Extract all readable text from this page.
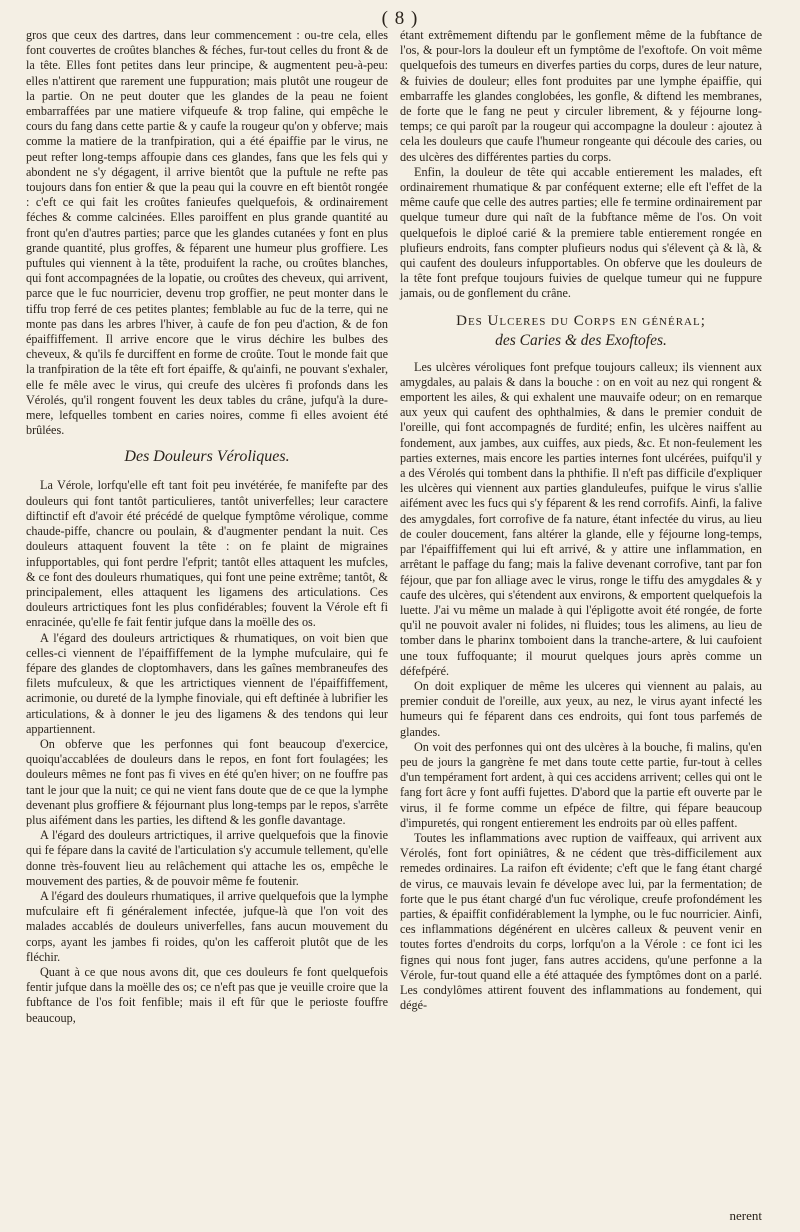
( 8 )

gros que ceux des dartres, dans leur commencement : ou-tre cela, elles font couvertes de croûtes blanches & féches, fur-tout celles du front & de la tête. Elles font petites dans leur principe, & augmentent peu-à-peu: elles n'attirent que rarement une fuppuration; mais plutôt une rougeur de la partie. On ne peut douter que les glandes de la peau ne foient embarraffées par une matiere vifqueufe & trop faline, qui empêche le cours du fang dans cette partie & y caufe la rougeur qu'on y obferve; mais comme la matiere de la tranfpiration, qui a été épaiffie par le virus, ne peut refter long-temps affoupie dans ces glandes, fans que les fels qui y abondent ne s'y dégagent, il arrive bientôt que la puftule ne refte pas toujours dans fon entier & que la peau qui la couvre en eft bientôt rongée : c'eft ce qui fait les croûtes fanieufes quelquefois, & ordinairement féches & comme calcinées. Elles paroiffent en plus grande quantité au front qu'en d'autres parties; parce que les glandes cutanées y font en plus grande quantité, plus groffes, & féparent une humeur plus groffiere. Les puftules qui viennent à la tête, produifent la rache, ou croûtes blanches, qui font accompagnées de la lopatie, ou croûtes des cheveux, qui arrivent, parce que le fuc nourricier, devenu trop groffier, ne peut monter dans le tiffu trop ferré de ces petites plantes; femblable au fuc de la terre, qui ne monte pas dans les arbres l'hiver, à caufe de fon peu d'action, & de fon épaiffiffement. Il arrive encore que le virus déchire les bulbes des cheveux, & qu'ils fe durciffent en forme de croûte. Tout le monde fait que la tranfpiration de la tête eft fort épaiffe, & qu'ainfi, ne pouvant s'exhaler, elle fe mêle avec le virus, qui creufe des ulcères fi profonds dans les Vérolés, qu'il rongent fouvent les deux tables du crâne, jufqu'à la dure-mere, lefquelles tombent en caries noires, comme fi elles avoient été brûlées.

Des Douleurs Véroliques.

La Vérole, lorfqu'elle eft tant foit peu invétérée, fe manifefte par des douleurs qui font tantôt particulieres, tantôt univerfelles; leur caractere diftinctif eft d'avoir été précédé de quelque fymptôme vérolique, comme chaude-piffe, chancre ou poulain, & d'augmenter pendant la nuit. Ces douleurs attaquent fouvent la tête : on fe plaint de migraines infupportables, qui font perdre l'efprit; tantôt elles attaquent les mufcles, & ce font des douleurs rhumatiques, qui font une peine extrême; tantôt, & principalement, elles attaquent les ligamens des articulations. Ces douleurs artrictiques font les plus confidérables; fouvent la Vérole eft fi enracinée, qu'elle fe fait fentir jufque dans la moëlle des os.

A l'égard des douleurs artrictiques & rhumatiques, on voit bien que celles-ci viennent de l'épaiffiffement de la lymphe mufculaire, qui fe fépare des glandes de cloptomhavers, dans les gaînes membraneufes des filets mufculeux, & que les artrictiques viennent de l'épaiffiffement, acrimonie, ou dureté de la lymphe finoviale, qui eft deftinée à lubrifier les articulations, & à donner le jeu des ligamens & des tendons qui leur appartiennent.

On obferve que les perfonnes qui font beaucoup d'exercice, quoiqu'accablées de douleurs dans le repos, en font fort foulagées; les douleurs mêmes ne font pas fi vives en été qu'en hiver; on ne fouffre pas tant le jour que la nuit; ce qui ne vient fans doute que de ce que la lymphe devenant plus groffiere & féjournant plus long-temps par le repos, s'arrête plus aifément dans les parties, les diftend & les gonfle davantage.

A l'égard des douleurs artrictiques, il arrive quelquefois que la finovie qui fe fépare dans la cavité de l'articulation s'y accumule tellement, qu'elle donne très-fouvent lieu au relâchement qui attache les os, empêche le mouvement des parties, & de pouvoir même fe foutenir.

A l'égard des douleurs rhumatiques, il arrive quelquefois que la lymphe mufculaire eft fi généralement infectée, jufque-là que l'on voit des malades accablés de douleurs univerfelles, fans aucun mouvement du corps, ayant les jambes fi roides, qu'on les cafferoit plutôt que de les fléchir.

Quant à ce que nous avons dit, que ces douleurs fe font quelquefois fentir jufque dans la moëlle des os; ce n'eft pas que je veuille croire que la fubftance de l'os foit fenfible; mais il eft fûr que le perioste fouffre beaucoup,

étant extrêmement diftendu par le gonflement même de la fubftance de l'os, & pour-lors la douleur eft un fymptôme de l'exoftofe. On voit même quelquefois des tumeurs en diverfes parties du corps, dures de leur nature, & fuivies de douleur; elles font produites par une lymphe épaiffie, qui embarraffe les glandes conglobées, les gonfle, & diftend les membranes, de forte que le fang ne peut y circuler librement, & y féjourne long-temps; ce qui paroît par la rougeur qui accompagne la douleur : ajoutez à cela les douleurs que caufe l'humeur rongeante qui découle des caries, ou des ulcères des différentes parties du corps.

Enfin, la douleur de tête qui accable entierement les malades, eft ordinairement rhumatique & par conféquent externe; elle eft l'effet de la même caufe que celle des autres parties; elle fe termine ordinairement par quelque tumeur dure qui naît de la fubftance même de l'os. On voit quelquefois le diploé carié & la premiere table entierement rongée en plufieurs endroits, fans compter plufieurs nodus qui s'élevent çà & là, & qui caufent des douleurs infupportables. On obferve que les douleurs de la tête font prefque toujours fuivies de quelque tumeur qui ne fuppure jamais, ou de gonflement du crâne.

Des Ulceres du Corps en général;
des Caries & des Exoftofes.

Les ulcères véroliques font prefque toujours calleux; ils viennent aux amygdales, au palais & dans la bouche : on en voit au nez qui rongent & emportent les ailes, & qui exhalent une mauvaife odeur; on en remarque aux yeux qui caufent des ophthalmies, & dans le premier conduit de l'oreille, qui font accompagnés de furdité; enfin, les ulcères naiffent au fondement, aux jambes, aux cuiffes, aux pieds, &c. Et non-feulement les parties externes, mais encore les parties internes font ulcérées, puifqu'il y a des Vérolés qui tombent dans la phthifie. Il n'eft pas difficile d'expliquer les ulcères qui viennent aux parties glanduleufes, puifque le virus s'allie aifément avec les fucs qui s'y féparent & les rend corrofifs. Ainfi, la falive des amygdales, fort corrofive de fa nature, étant infectée du virus, au lieu de couler doucement, fans altérer la glande, elle y féjourne long-temps, par l'épaiffiffement qui lui eft arrivé, & y attire une inflammation, en arrêtant le paffage du fang; mais la falive devenant corrofive, tant par fon féjour, que par fon alliage avec le virus, ronge le tiffu des amygdales & y caufe des ulcères, qui s'étendent aux environs, & emportent quelquefois la luette. J'ai vu même un malade à qui l'épligotte avoit été rongée, de forte qu'il ne pouvoit avaler ni folides, ni fluides; tous les alimens, au lieu de tomber dans le pharinx tomboient dans la tranche-artere, & lui caufoient une toux fuffoquante; il mourut quelques jours après comme un défefpéré.

On doit expliquer de même les ulceres qui viennent au palais, au premier conduit de l'oreille, aux yeux, au nez, le virus ayant infecté les humeurs qui fe féparent dans ces endroits, qui font tous parfemés de glandes.

On voit des perfonnes qui ont des ulcères à la bouche, fi malins, qu'en peu de jours la gangrène fe met dans toute cette partie, fur-tout à celles d'un tempérament fort ardent, à qui ces accidens arrivent; celles qui ont le fang fort âcre y font auffi fujettes. D'abord que la partie eft ouverte par le virus, il fe forme comme un efpéce de filtre, qui fépare beaucoup d'impuretés, qui rongent entierement les endroits par où elles paffent.

Toutes les inflammations avec ruption de vaiffeaux, qui arrivent aux Vérolés, font fort opiniâtres, & ne cédent que très-difficilement aux remedes ordinaires. La raifon eft évidente; c'eft que le fang étant chargé de virus, ce mauvais levain fe dévelope avec lui, par la fermentation; de forte que le pus étant chargé d'un fuc vérolique, creufe profondément les parties, & épaiffit confidérablement la lymphe, ou le fuc nourricier. Ainfi, ces inflammations dégénérent en ulcères calleux & peuvent venir en toutes fortes d'endroits du corps, lorfqu'on a la Vérole : ce font ici les fignes qui nous font juger, fans autres accidens, qu'une perfonne a la Vérole, fur-tout quand elle a été attaquée des fymptômes dont on a parlé. Les condylômes attirent fouvent des inflammations au fondement, qui dégé-

nerent
